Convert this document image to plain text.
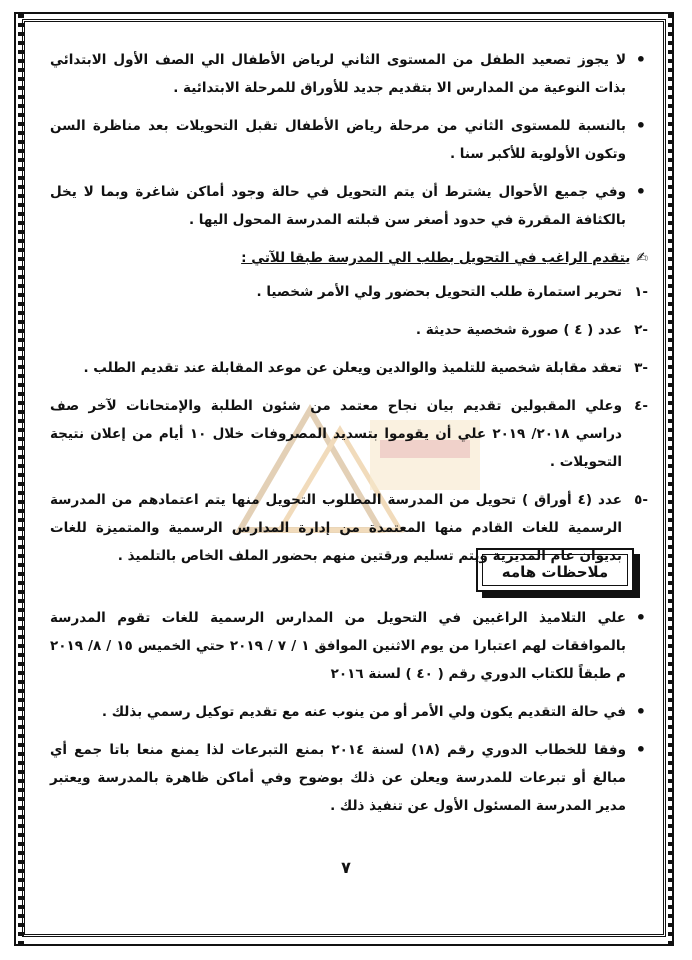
• لا يجوز تصعيد الطفل من المستوى الثاني لرياض الأطفال الي الصف الأول الابتدائي بذات النوعية من المدارس الا بتقديم جديد للأوراق للمرحلة الابتدائية .
• بالنسبة للمستوى الثاني من مرحلة رياض الأطفال تقبل التحويلات بعد مناظرة السن وتكون الأولوية للأكبر سنا .
• وفي جميع الأحوال يشترط أن يتم التحويل في حالة وجود أماكن شاغرة وبما لا يخل بالكثافة المقررة في حدود أصغر سن قبلته المدرسة المحول اليها .
✍يتقدم الراغب في التحويل بطلب الي المدرسة طبقا للآتي :
-١
تحرير استمارة طلب التحويل بحضور ولي الأمر شخصيا .
-٢
عدد ( ٤ ) صورة شخصية حديثة .
-٣
تعقد مقابلة شخصية للتلميذ والوالدين ويعلن عن موعد المقابلة عند تقديم الطلب .
-٤
وعلي المقبولين تقديم بيان نجاح معتمد من شئون الطلبة والإمتحانات لآخر صف دراسي ٢٠١٨/ ٢٠١٩ علي أن يقوموا بتسديد المصروفات خلال ١٠ أيام من إعلان نتيجة التحويلات .
-٥
عدد (٤ أوراق ) تحويل من المدرسة المطلوب التحويل منها يتم اعتمادهم من المدرسة الرسمية للغات القادم منها المعتمدة من إدارة المدارس الرسمية والمتميزة للغات بديوان عام المديرية ويتم تسليم ورقتين منهم بحضور الملف الخاص بالتلميذ .
ملاحظات هامه
• علي التلاميذ الراغبين في التحويل من المدارس الرسمية للغات تقوم المدرسة بالموافقات لهم اعتبارا من يوم الاثنين الموافق ١ / ٧ / ٢٠١٩ حتي الخميس ١٥ / ٨/ ٢٠١٩ م طبقاً للكتاب الدوري رقم ( ٤٠ ) لسنة ٢٠١٦
• في حالة التقديم يكون ولي الأمر أو من ينوب عنه مع تقديم توكيل رسمي بذلك .
• وفقا للخطاب الدوري رقم (١٨) لسنة ٢٠١٤ بمنع التبرعات لذا يمنع منعا باتا جمع أي مبالغ أو تبرعات للمدرسة ويعلن عن ذلك بوضوح وفي أماكن ظاهرة بالمدرسة ويعتبر مدير المدرسة المسئول الأول عن تنفيذ ذلك .
٧
